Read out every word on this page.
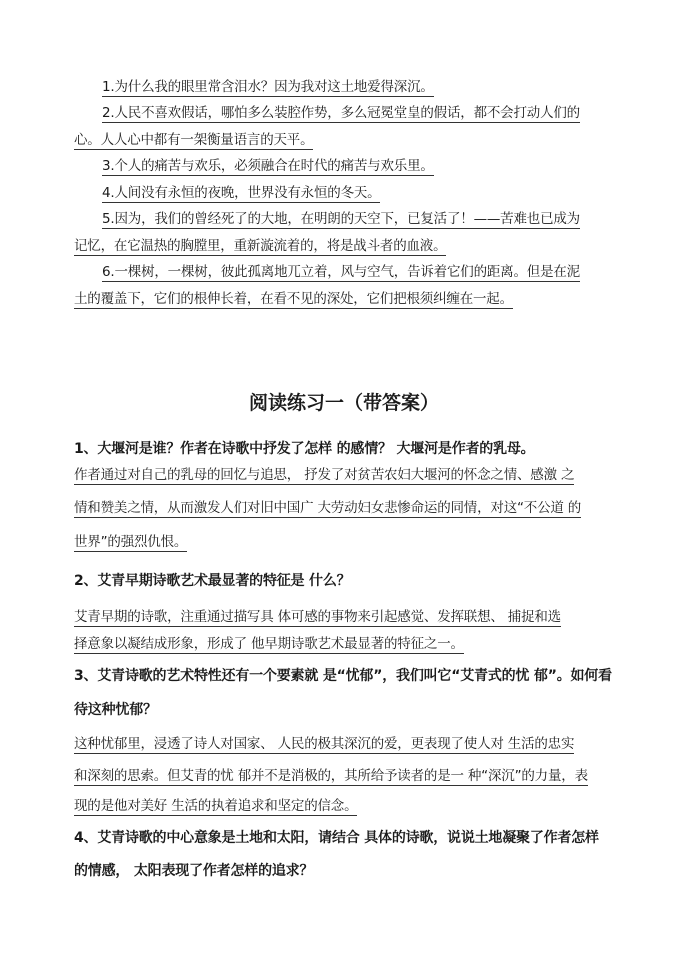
1.为什么我的眼里常含泪水？因为我对这土地爱得深沉。
2.人民不喜欢假话，哪怕多么装腔作势，多么冠冕堂皇的假话，都不会打动人们的
心。人人心中都有一架衡量语言的天平。
3.个人的痛苦与欢乐，必须融合在时代的痛苦与欢乐里。
4.人间没有永恒的夜晚，世界没有永恒的冬天。
5.因为，我们的曾经死了的大地，在明朗的天空下，已复活了！——苦难也已成为
记忆，在它温热的胸膛里，重新漩流着的，将是战斗者的血液。
6.一棵树，一棵树，彼此孤离地兀立着，风与空气，告诉着它们的距离。但是在泥
土的覆盖下，它们的根伸长着，在看不见的深处，它们把根须纠缠在一起。
阅读练习一（带答案）
1、大堰河是谁？作者在诗歌中抒发了怎样 的感情？ 大堰河是作者的乳母。
作者通过对自己的乳母的回忆与追思， 抒发了对贫苦农妇大堰河的怀念之情、感激 之
情和赞美之情，从而激发人们对旧中国广 大劳动妇女悲惨命运的同情，对这“不公道 的
世界”的强烈仇恨。
2、艾青早期诗歌艺术最显著的特征是 什么？
艾青早期的诗歌，注重通过描写具 体可感的事物来引起感觉、发挥联想、 捕捉和选
择意象以凝结成形象，形成了 他早期诗歌艺术最显著的特征之一。
3、艾青诗歌的艺术特性还有一个要素就 是“忧郁”，我们叫它“艾青式的忧 郁”。如何看
待这种忧郁？
这种忧郁里，浸透了诗人对国家、 人民的极其深沉的爱，更表现了使人对 生活的忠实
和深刻的思索。但艾青的忧 郁并不是消极的，其所给予读者的是一 种“深沉”的力量，表
现的是他对美好 生活的执着追求和坚定的信念。
4、艾青诗歌的中心意象是土地和太阳，请结合 具体的诗歌，说说土地凝聚了作者怎样
的情感， 太阳表现了作者怎样的追求？
